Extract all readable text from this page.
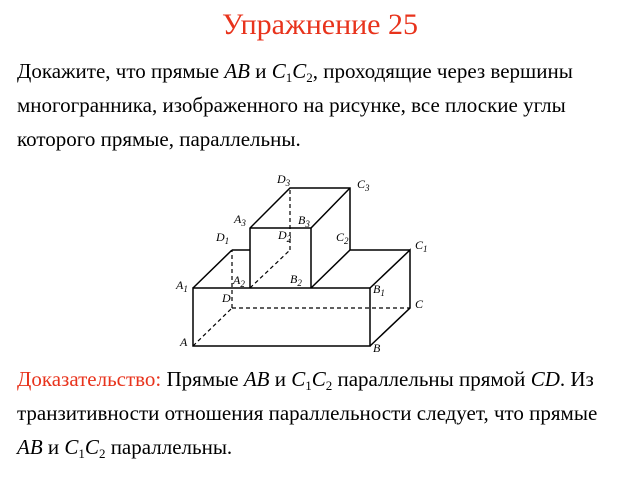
Упражнение 25
Докажите, что прямые AB и $C_1C_2$, проходящие через вершины многогранника, изображенного на рисунке, все плоские углы которого прямые, параллельны.
$D_3$	$C_3$
$A_3$	$B_3$
$D_1$	$D_2$	$C_2$	$C_1$
$A_2$	$B_2$
$A_1$
D
$B_1$
C
A	B
Доказательство: Прямые AB и $C_1C_2$ параллельны прямой CD. Из транзитивности отношения параллельности следует, что прямые AB и $C_1C_2$ параллельны.
